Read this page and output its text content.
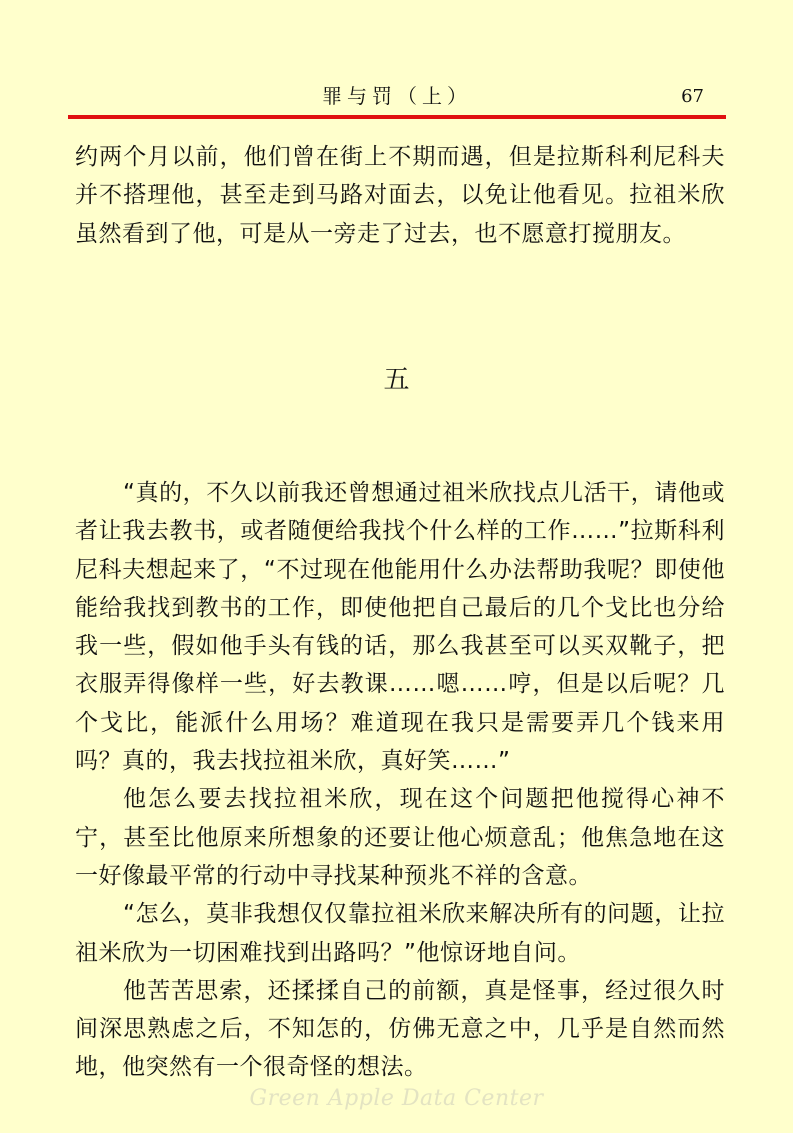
罪与罚（上）	67

约两个月以前，他们曾在街上不期而遇，但是拉斯科利尼科夫并不搭理他，甚至走到马路对面去，以免让他看见。拉祖米欣虽然看到了他，可是从一旁走了过去，也不愿意打搅朋友。

五

“真的，不久以前我还曾想通过祖米欣找点儿活干，请他或者让我去教书，或者随便给我找个什么样的工作……”拉斯科利尼科夫想起来了，“不过现在他能用什么办法帮助我呢？即使他能给我找到教书的工作，即使他把自己最后的几个戈比也分给我一些，假如他手头有钱的话，那么我甚至可以买双靴子，把衣服弄得像样一些，好去教课……嗯……哼，但是以后呢？几个戈比，能派什么用场？难道现在我只是需要弄几个钱来用吗？真的，我去找拉祖米欣，真好笑……”

他怎么要去找拉祖米欣，现在这个问题把他搅得心神不宁，甚至比他原来所想象的还要让他心烦意乱；他焦急地在这一好像最平常的行动中寻找某种预兆不祥的含意。

“怎么，莫非我想仅仅靠拉祖米欣来解决所有的问题，让拉祖米欣为一切困难找到出路吗？”他惊讶地自问。

他苦苦思索，还揉揉自己的前额，真是怪事，经过很久时间深思熟虑之后，不知怎的，仿佛无意之中，几乎是自然而然地，他突然有一个很奇怪的想法。

Green Apple Data Center
